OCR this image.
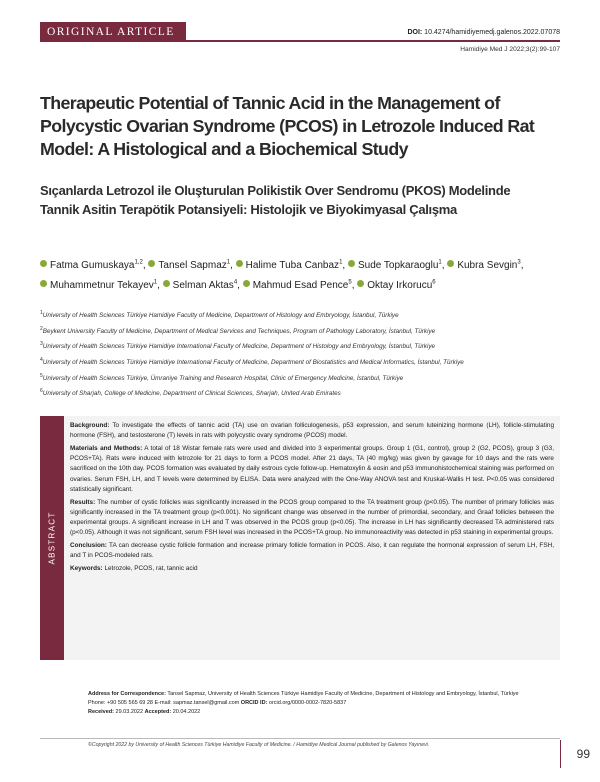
ORIGINAL ARTICLE	DOI: 10.4274/hamidiyemedj.galenos.2022.07078
Hamidiye Med J 2022;3(2):99-107
Therapeutic Potential of Tannic Acid in the Management of Polycystic Ovarian Syndrome (PCOS) in Letrozole Induced Rat Model: A Histological and a Biochemical Study
Sıçanlarda Letrozol ile Oluşturulan Polikistik Over Sendromu (PKOS) Modelinde Tannik Asitin Terapötik Potansiyeli: Histolojik ve Biyokimyasal Çalışma
Fatma Gumuskaya$^{1,2}$, Tansel Sapmaz$^1$, Halime Tuba Canbaz$^1$, Sude Topkaraoglu$^1$, Kubra Sevgin$^3$, Muhammetnur Tekayev$^1$, Selman Aktas$^4$, Mahmud Esad Pence$^5$, Oktay Irkorucu$^6$
$^1$University of Health Sciences Türkiye Hamidiye Faculty of Medicine, Department of Histology and Embryology, İstanbul, Türkiye
$^2$Beykent University Faculty of Medicine, Department of Medical Services and Techniques, Program of Pathology Laboratory, İstanbul, Türkiye
$^3$University of Health Sciences Türkiye Hamidiye International Faculty of Medicine, Department of Histology and Embryology, İstanbul, Türkiye
$^4$University of Health Sciences Türkiye Hamidiye International Faculty of Medicine, Department of Biostatistics and Medical Informatics, İstanbul, Türkiye
$^5$University of Health Sciences Türkiye, Ümraniye Training and Research Hospital, Clinic of Emergency Medicine, İstanbul, Türkiye
$^6$University of Sharjah, College of Medicine, Department of Clinical Sciences, Sharjah, United Arab Emirates
ABSTRACT

Background: To investigate the effects of tannic acid (TA) use on ovarian folliculogenesis, p53 expression, and serum luteinizing hormone (LH), follicle-stimulating hormone (FSH), and testosterone (T) levels in rats with polycystic ovary syndrome (PCOS) model.

Materials and Methods: A total of 18 Wistar female rats were used and divided into 3 experimental groups. Group 1 (G1, control), group 2 (G2, PCOS), group 3 (G3, PCOS+TA). Rats were induced with letrozole for 21 days to form a PCOS model. After 21 days, TA (40 mg/kg) was given by gavage for 10 days and the rats were sacrificed on the 10th day. PCOS formation was evaluated by daily estrous cycle follow-up. Hematoxylin & eosin and p53 immunohistochemical staining was performed on ovaries. Serum FSH, LH, and T levels were determined by ELISA. Data were analyzed with the One-Way ANOVA test and Kruskal-Wallis H test. P<0.05 was considered statistically significant.

Results: The number of cystic follicles was significantly increased in the PCOS group compared to the TA treatment group (p<0.05). The number of primary follicles was significantly increased in the TA treatment group (p<0.001). No significant change was observed in the number of primordial, secondary, and Graaf follicles between the experimental groups. A significant increase in LH and T was observed in the PCOS group (p<0.05). The increase in LH has significantly decreased TA administered rats (p<0.05). Although it was not significant, serum FSH level was increased in the PCOS+TA group. No immunoreactivity was detected in p53 staining in experimental groups.

Conclusion: TA can decrease cystic follicle formation and increase primary follicle formation in PCOS. Also, it can regulate the hormonal expression of serum LH, FSH, and T in PCOS-modeled rats.

Keywords: Letrozole, PCOS, rat, tannic acid

Address for Correspondence: Tansel Sapmaz, University of Health Sciences Türkiye Hamidiye Faculty of Medicine, Department of Histology and Embryology, İstanbul, Türkiye
Phone: +90 505 565 69 28 E-mail: sapmaz.tansel@gmail.com ORCID ID: orcid.org/0000-0002-7820-5837
Received: 29.03.2022 Accepted: 20.04.2022
©Copyright 2022 by University of Health Sciences Türkiye Hamidiye Faculty of Medicine. / Hamidiye Medical Journal published by Galenos Yayınevi.
99
